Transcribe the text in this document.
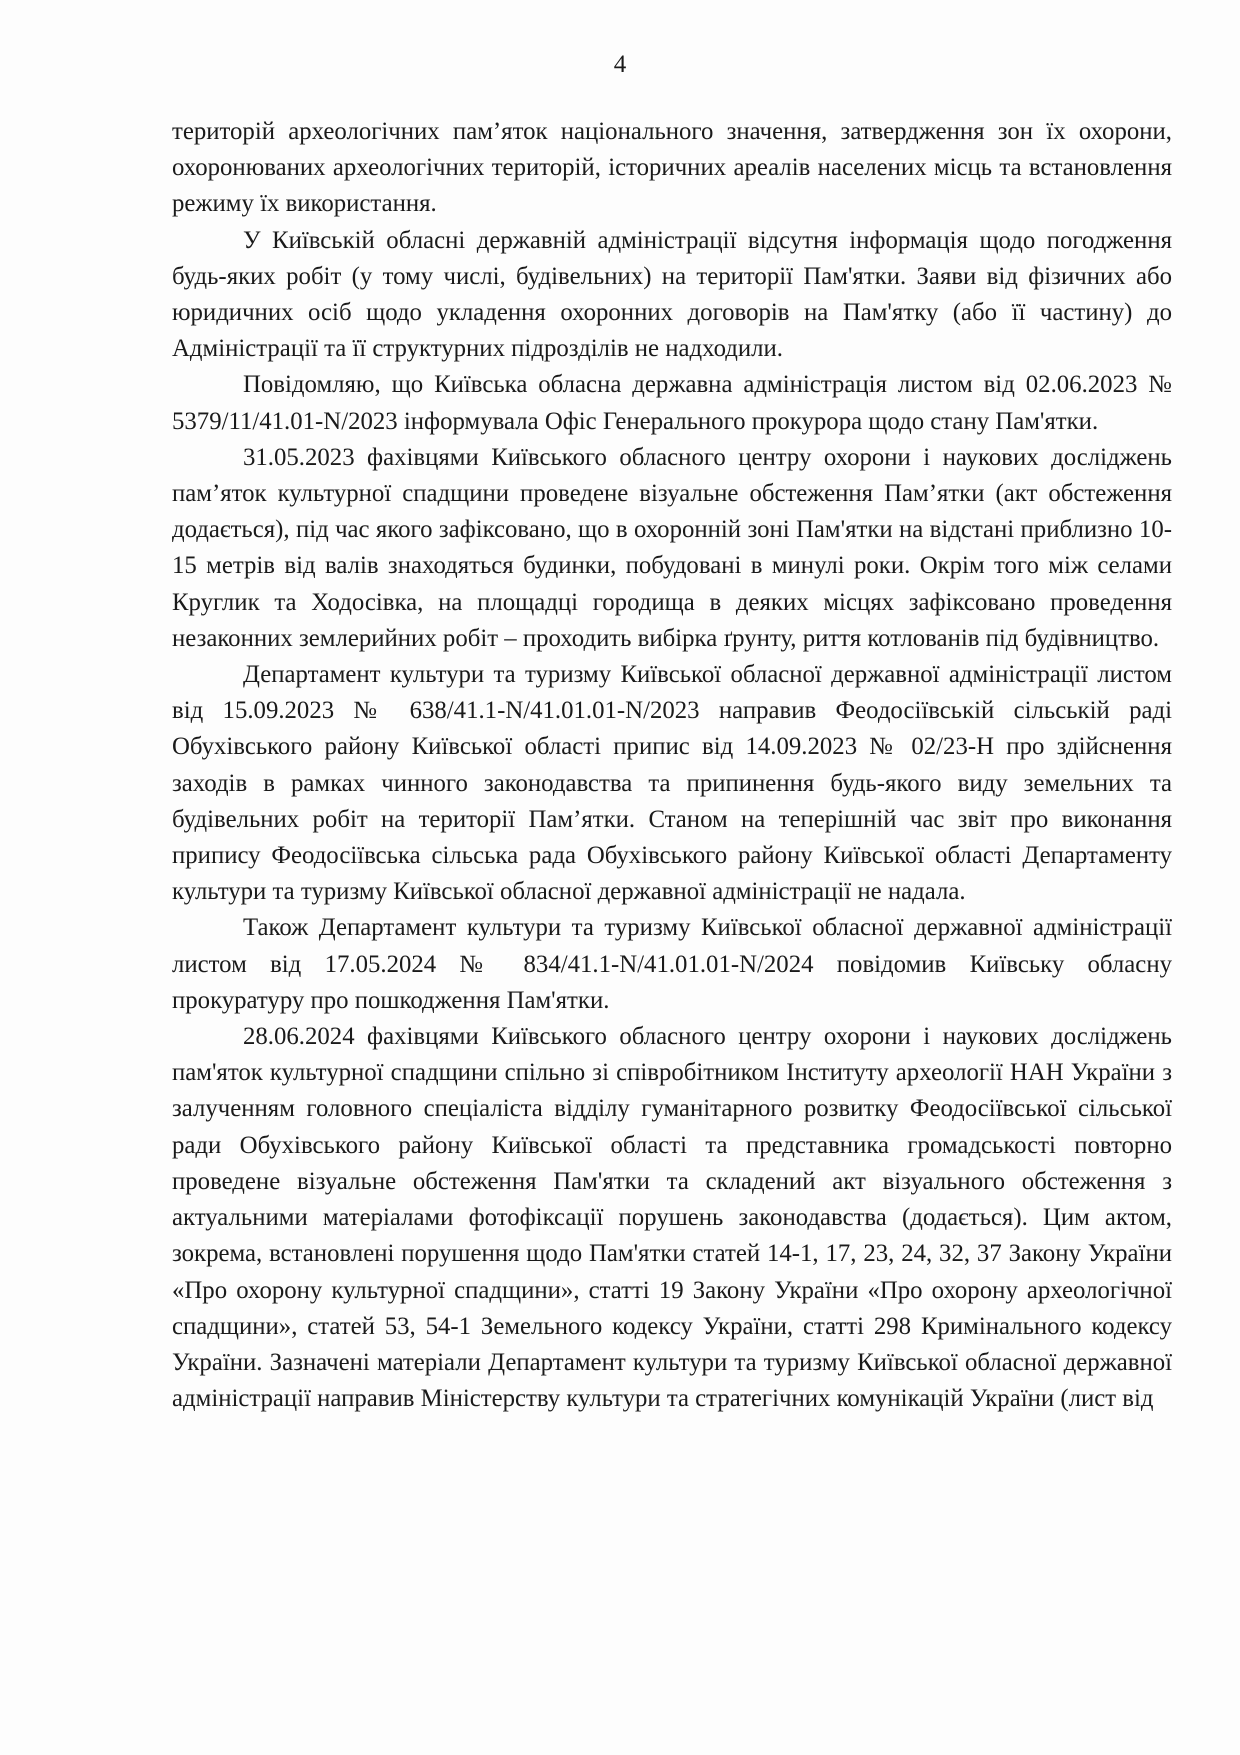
4

територій археологічних пам’яток національного значення, затвердження зон їх охорони, охоронюваних археологічних територій, історичних ареалів населених місць та встановлення режиму їх використання.

У Київській обласні державній адміністрації відсутня інформація щодо погодження будь-яких робіт (у тому числі, будівельних) на території Пам'ятки. Заяви від фізичних або юридичних осіб щодо укладення охоронних договорів на Пам'ятку (або її частину) до Адміністрації та її структурних підрозділів не надходили.

Повідомляю, що Київська обласна державна адміністрація листом від 02.06.2023 № 5379/11/41.01-N/2023 інформувала Офіс Генерального прокурора щодо стану Пам'ятки.

31.05.2023 фахівцями Київського обласного центру охорони і наукових досліджень пам’яток культурної спадщини проведене візуальне обстеження Пам’ятки (акт обстеження додається), під час якого зафіксовано, що в охоронній зоні Пам'ятки на відстані приблизно 10-15 метрів від валів знаходяться будинки, побудовані в минулі роки. Окрім того між селами Круглик та Ходосівка, на площадці городища в деяких місцях зафіксовано проведення незаконних землерийних робіт – проходить вибірка ґрунту, риття котлованів під будівництво.

Департамент культури та туризму Київської обласної державної адміністрації листом від 15.09.2023 № 638/41.1-N/41.01.01-N/2023 направив Феодосіївській сільській раді Обухівського району Київської області припис від 14.09.2023 № 02/23-Н про здійснення заходів в рамках чинного законодавства та припинення будь-якого виду земельних та будівельних робіт на території Пам’ятки. Станом на теперішній час звіт про виконання припису Феодосіївська сільська рада Обухівського району Київської області Департаменту культури та туризму Київської обласної державної адміністрації не надала.

Також Департамент культури та туризму Київської обласної державної адміністрації листом від 17.05.2024 № 834/41.1-N/41.01.01-N/2024 повідомив Київську обласну прокуратуру про пошкодження Пам'ятки.

28.06.2024 фахівцями Київського обласного центру охорони і наукових досліджень пам'яток культурної спадщини спільно зі співробітником Інституту археології НАН України з залученням головного спеціаліста відділу гуманітарного розвитку Феодосіївської сільської ради Обухівського району Київської області та представника громадськості повторно проведене візуальне обстеження Пам'ятки та складений акт візуального обстеження з актуальними матеріалами фотофіксації порушень законодавства (додається). Цим актом, зокрема, встановлені порушення щодо Пам'ятки статей 14-1, 17, 23, 24, 32, 37 Закону України «Про охорону культурної спадщини», статті 19 Закону України «Про охорону археологічної спадщини», статей 53, 54-1 Земельного кодексу України, статті 298 Кримінального кодексу України. Зазначені матеріали Департамент культури та туризму Київської обласної державної адміністрації направив Міністерству культури та стратегічних комунікацій України (лист від
